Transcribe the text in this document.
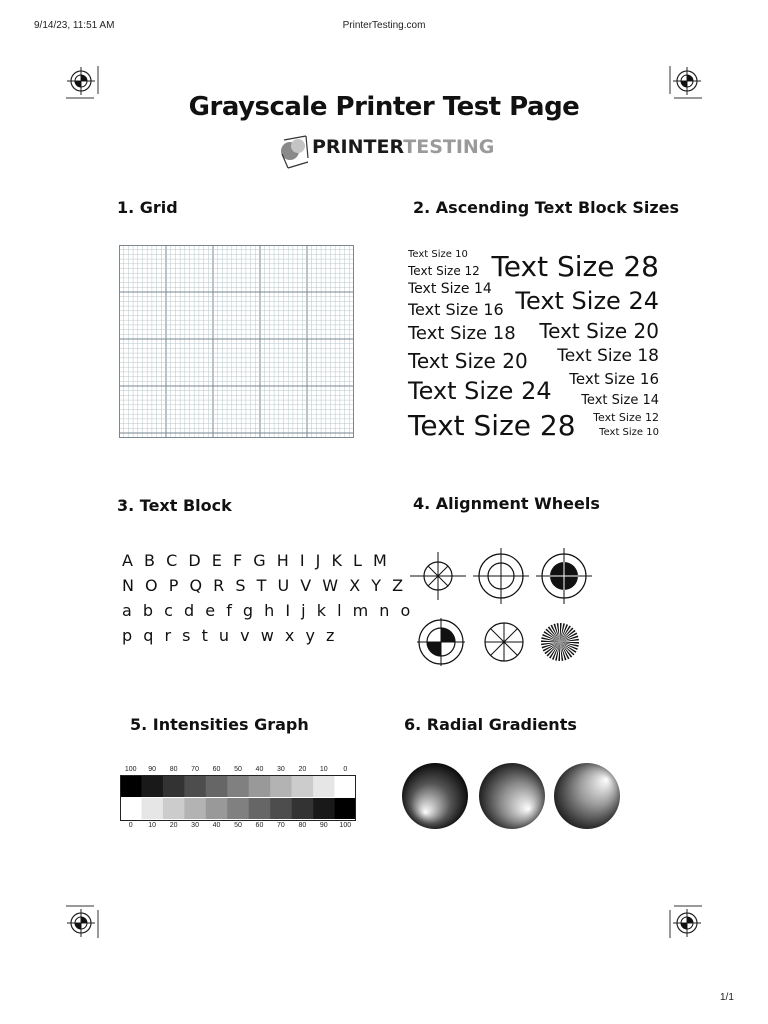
9/14/23, 11:51 AM	PrinterTesting.com
Grayscale Printer Test Page
PRINTERTESTING
1. Grid	2. Ascending Text Block Sizes
3. Text Block	4. Alignment Wheels
5. Intensities Graph	6. Radial Gradients
Text Size 10
Text Size 12
Text Size 14
Text Size 16
Text Size 18
Text Size 20
Text Size 24
Text Size 28
Text Size 28
Text Size 24
Text Size 20
Text Size 18
Text Size 16
Text Size 14
Text Size 12
Text Size 10
A B C D E F G H I J K L M
N O P Q R S T U V W X Y Z
a b c d e f g h I j k l m n o
p q r s t u v w x y z
100	90	80	70	60	50	40	30	20	10	0
0	10	20	30	40	50	60	70	80	90	100
1/1
